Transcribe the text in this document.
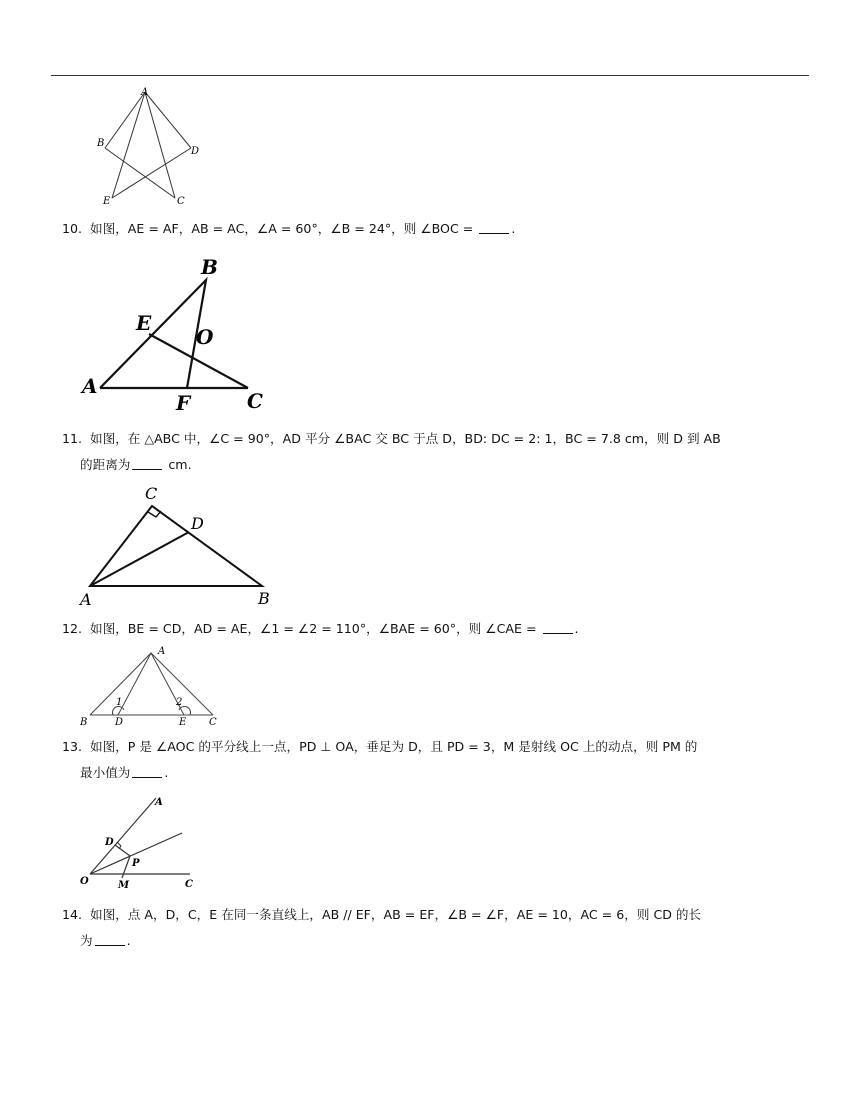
A
B
D
E	C
10. 如图，AE = AF，AB = AC，∠A = 60°，∠B = 24°，则 ∠BOC =	.
B
E
O
A
F	C
11. 如图，在 △ABC 中，∠C = 90°，AD 平分 ∠BAC 交 BC 于点 D，BD: DC = 2: 1，BC = 7.8 cm，则 D 到 AB
的距离为	cm.
C
D
A	B
12. 如图，BE = CD，AD = AE，∠1 = ∠2 = 110°，∠BAE = 60°，则 ∠CAE =	.
A
1	2
B	D	E C
13. 如图，P 是 ∠AOC 的平分线上一点，PD ⊥ OA，垂足为 D，且 PD = 3，M 是射线 OC 上的动点，则 PM 的
最小值为	.
A
D
P
O	M	C
14. 如图，点 A，D，C，E 在同一条直线上，AB // EF，AB = EF，∠B = ∠F，AE = 10，AC = 6，则 CD 的长
为	.
